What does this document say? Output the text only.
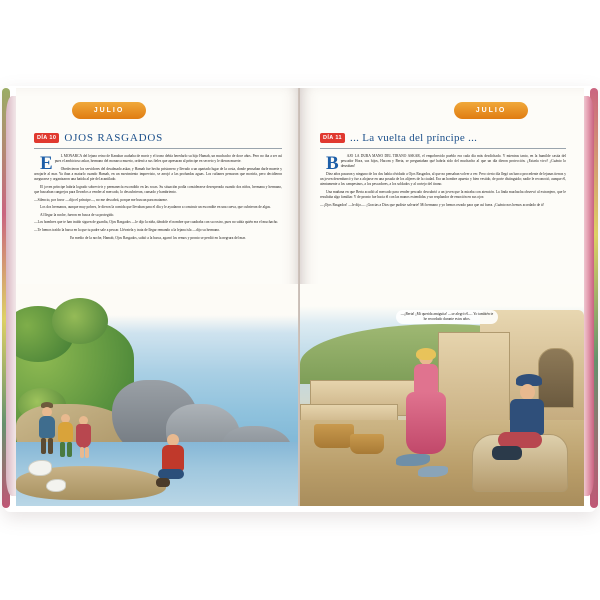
JULIO
DÍA 10 OJOS RASGADOS

E	L MONARCA del lejano reino de Kanabar acababa de morir y el trono debía heredarlo su hijo Hamab, un muchacho de doce años. Pero no iba a ser así pues el ambicioso askar, hermano del monarca muerto, ordenó a sus fieles que apresaran al príncipe en secreto y le dieran muerte.

Obedecieron los servidores del desalmado askar, y Hamab fue hecho prisionero y llevado a un apartado lugar de la costa, donde pensaban darle muerte y arrojarle al mar. Ya iban a matarlo cuando Hamab, en un movimiento imprevisto, se arrojó a las profundas aguas. Los rufianes pensaron que moriría, pero decidieron asegurarse y organizaron una batida al pie del acantilado.

El joven príncipe habría logrado sobrevivir y permanecía escondido en las rocas. Su situación podía considerarse desesperada cuando dos niños, hermana y hermano, que buscaban cangrejos para llevarlos a vender al mercado, lo descubrieron, cansado y hambriento.

—Silencio, por favor —dijo el príncipe—, no me descabrá, porque me buscan para matarme.

Los dos hermanos, aunque muy pobres, le dieron la comida que llevaban para el día y le ayudaron a construir un escondite en una cueva, que cubrieron de algas.

Al llegar la noche, fueron en busca de su protegido.

—Los hombres que te han traído siguen de guardia, Ojos Rasgados —le dijo la niña, dándole el nombre que cuadraba con su rostro, pues no sabía quién era el muchacho.

—Te hemos traído la barca en la que tu padre sale a pescar. Llévatela y trata de llegar remando a la lejana isla —dijo su hermano.

En medio de la noche, Hamab, Ojos Rasgados, subió a la barca, agarró los remos y pronto se perdió en la negrura del mar.

JULIO
DÍA 11 ... La vuelta del príncipe ...

B	AJO LA DURA MANO DEL TIRANO ASKAR, el empobrecido pueblo era cada día más desdichado. Y mientras tanto, en la humilde casita del pescador Hora, sus hijos, Hacom y Berta, se preguntaban qué habría sido del muchacho al que un día dieron protección. ¿Estaría vivo? ¿Cuánto lo deseaban!

Diez años pasaron y ninguno de los dos había olvidado a Ojos Rasgados, al que no pensaban volver a ver. Pero cierto día llegó un barco procedente de lejanas tierras y un joven desembarcó y fue a alojarse en una posada de los alijeres de la ciudad. Era un hombre apuesto y bien vestido, de porte distinguido; nadie le reconoció, aunque él, atentamente a los campesinos, a los pescadores, a los soldados y al cortejo del tirano.

Una mañana en que Berta acudió al mercado para vender pescado descubrió a un joven que la miraba con atención. La linda muchacha observó al extranjero, que le resultaba algo familiar. Y de pronto fue hacia él con las manos extendidas y un resplandor de emoción en sus ojos:

—¡Ojos Rasgados! —le dijo—. ¡Gracias a Dios que pudiste salvarte! Mi hermano y yo hemos rezado para que así fuera. ¡Cuánto nos hemos acordado de ti!

—¡Berta! ¡Mi querida amiguita! —se alegró él—. Yo también te he recordado durante estos años.
